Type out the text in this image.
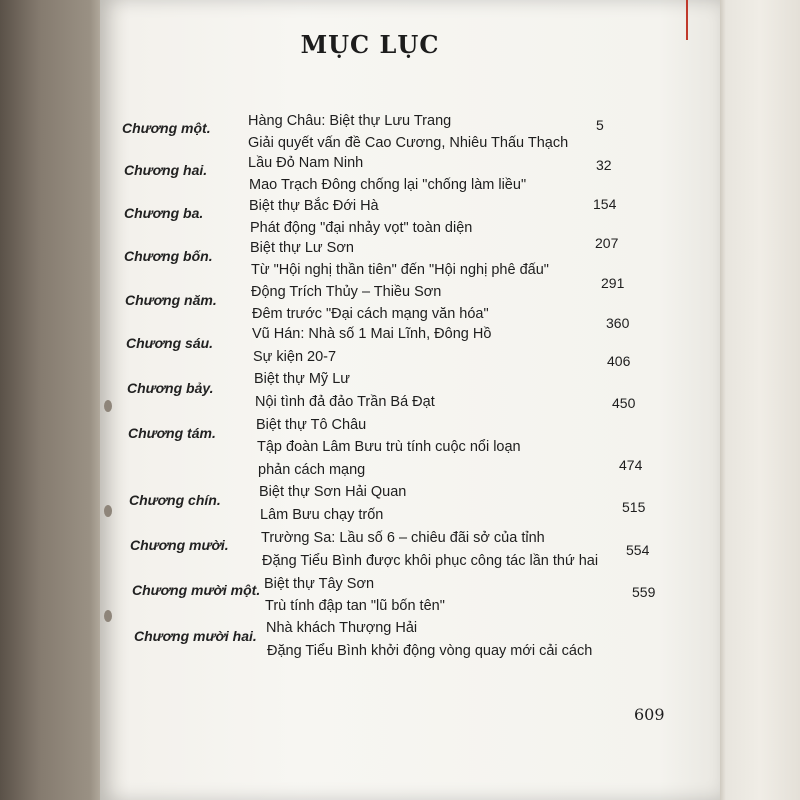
MỤC LỤC
Chương một.
Chương hai.
Chương ba.
Chương bốn.
Chương năm.
Chương sáu.
Chương bảy.
Chương tám.
Chương chín.
Chương mười.
Chương mười một.
Chương mười hai.
Hàng Châu: Biệt thự Lưu Trang
Giải quyết vấn đề Cao Cương, Nhiêu Thấu Thạch
Lầu Đỏ Nam Ninh
Mao Trạch Đông chống lại "chống làm liều"
Biệt thự Bắc Đới Hà
Phát động "đại nhảy vọt" toàn diện
Biệt thự Lư Sơn
Từ "Hội nghị thần tiên" đến "Hội nghị phê đấu"
Động Trích Thủy – Thiều Sơn
Đêm trước "Đại cách mạng văn hóa"
Vũ Hán: Nhà số 1 Mai Lĩnh, Đông Hồ
Sự kiện 20-7
Biệt thự Mỹ Lư
Nội tình đả đảo Trần Bá Đạt
Biệt thự Tô Châu
Tập đoàn Lâm Bưu trù tính cuộc nổi loạn
phản cách mạng
Biệt thự Sơn Hải Quan
Lâm Bưu chạy trốn
Trường Sa: Lầu số 6 – chiêu đãi sở của tỉnh
Đặng Tiểu Bình được khôi phục công tác lần thứ hai
Biệt thự Tây Sơn
Trù tính đập tan "lũ bốn tên"
Nhà khách Thượng Hải
Đặng Tiểu Bình khởi động vòng quay mới cải cách
5
32
154
207
291
360
406
450
474
515
554
559
609
